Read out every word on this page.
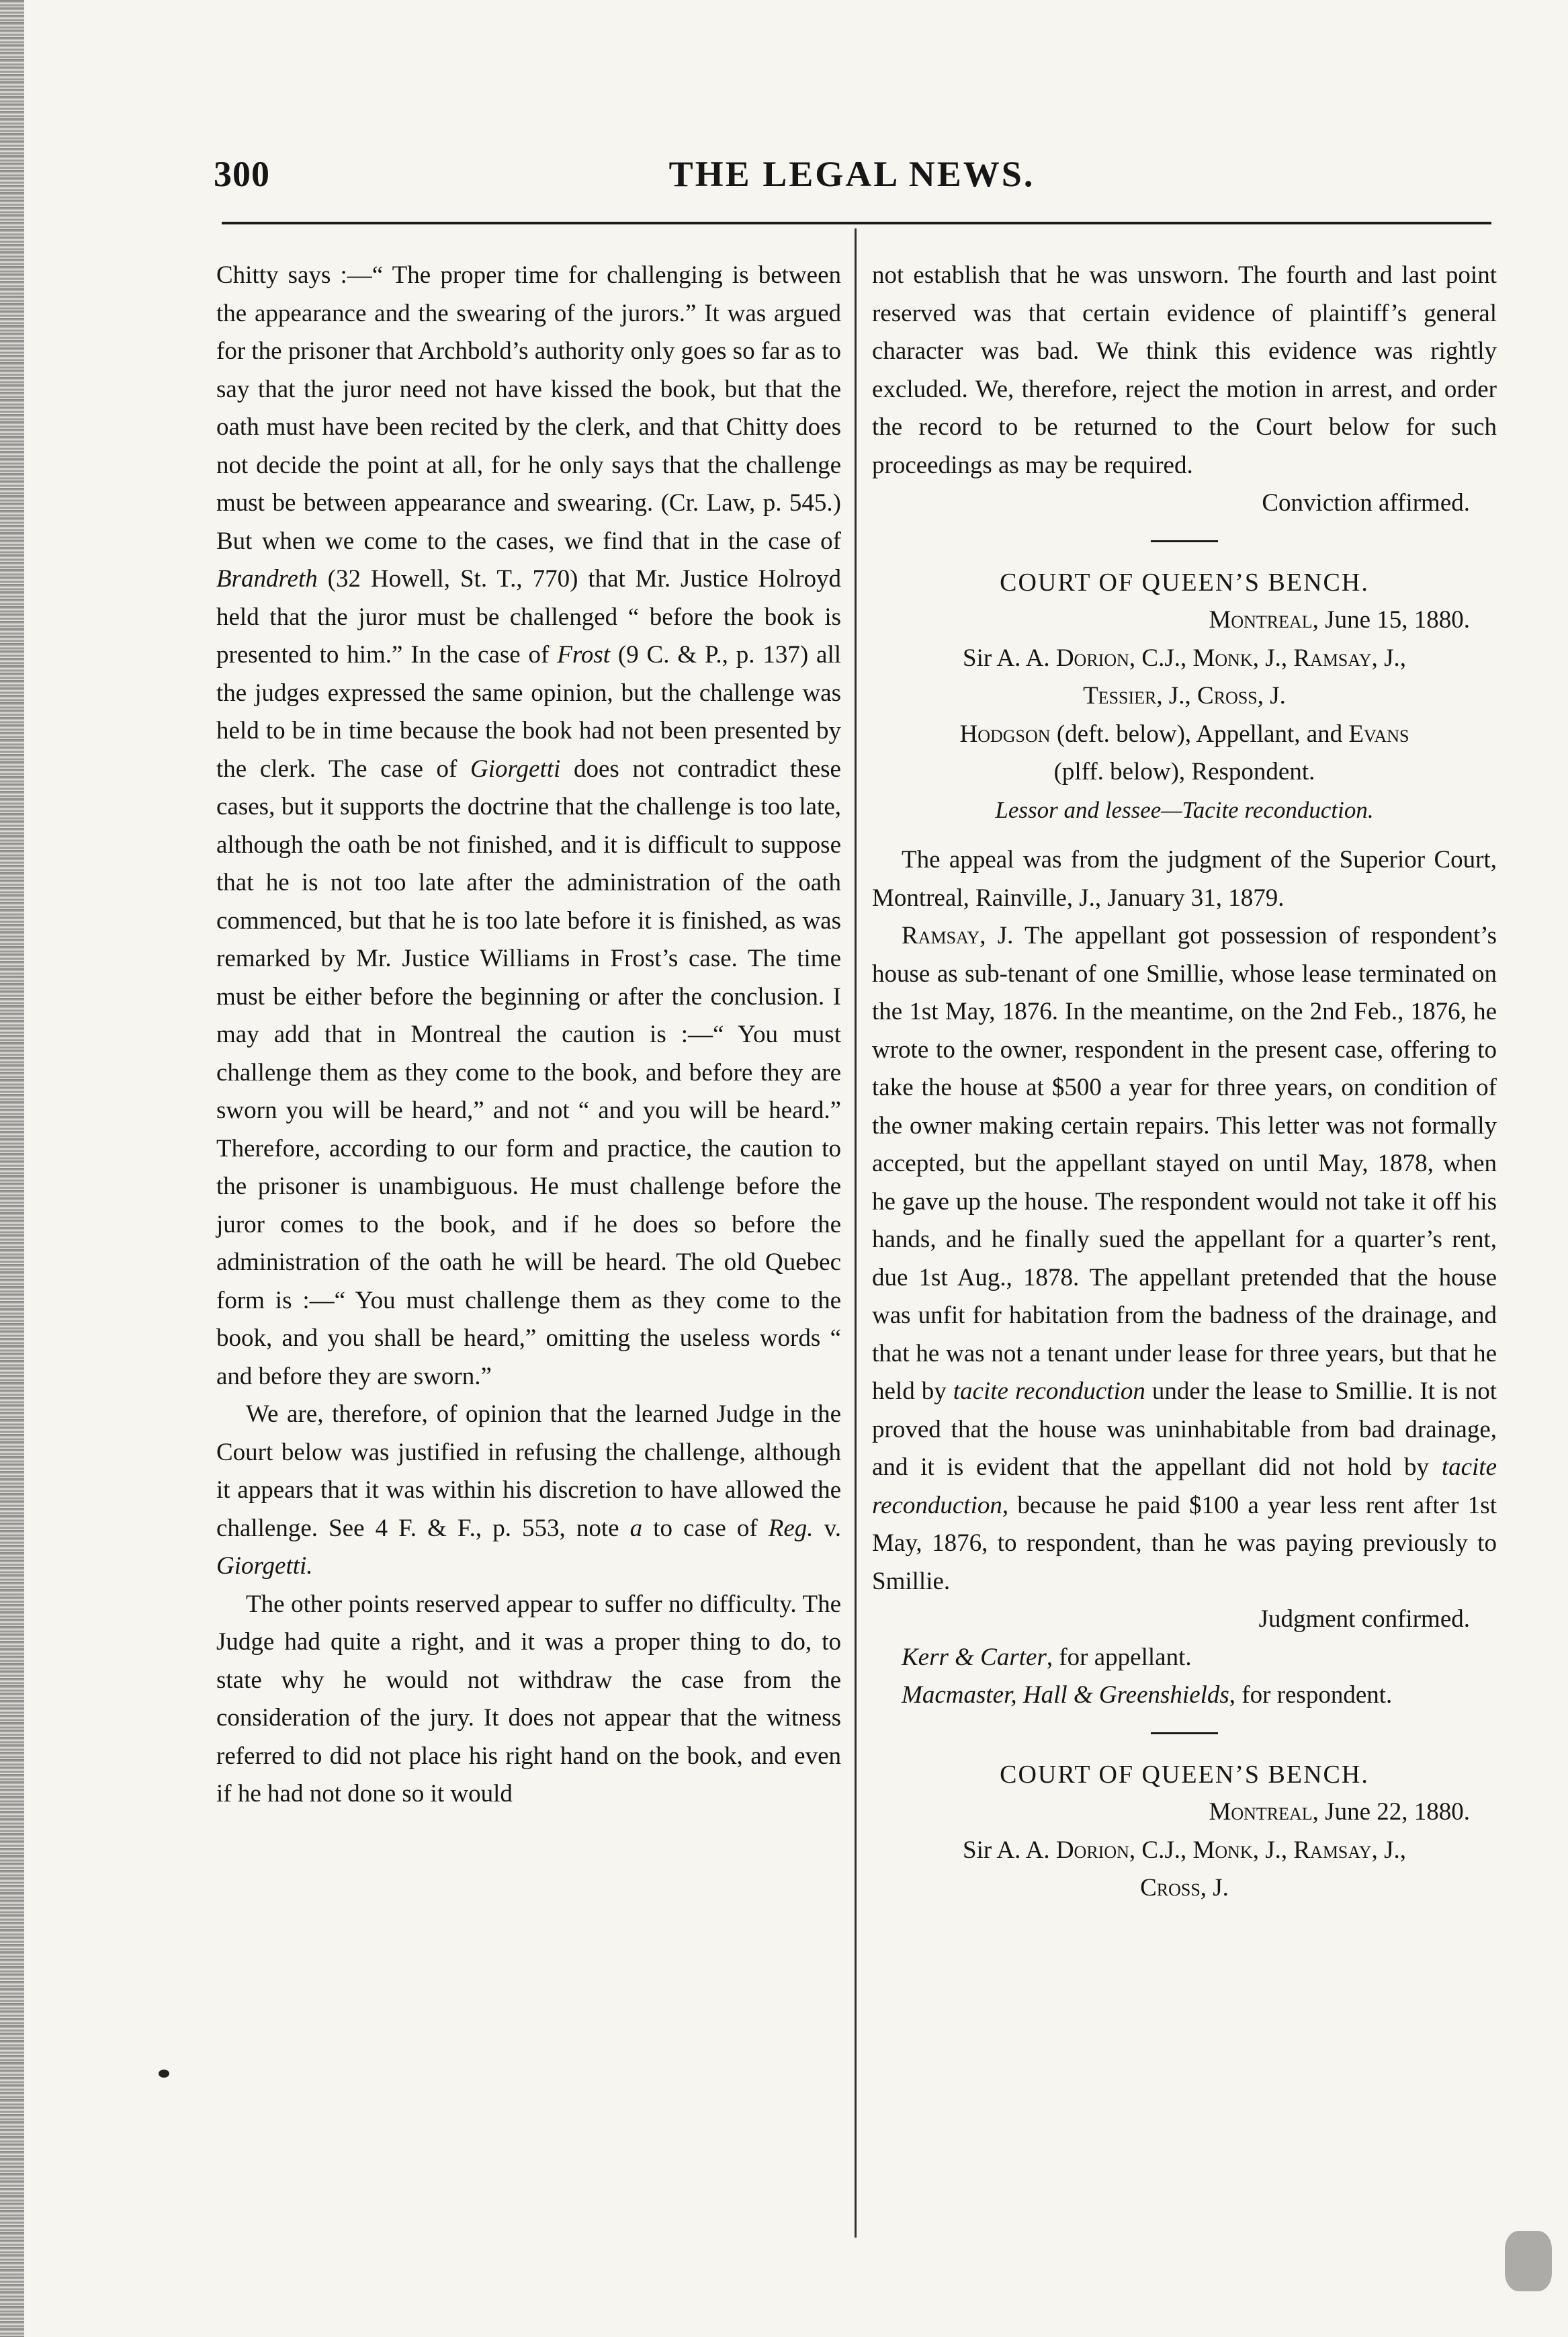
300	THE LEGAL NEWS.

Chitty says :—“ The proper time for challenging is between the appearance and the swearing of the jurors.” It was argued for the prisoner that Archbold’s authority only goes so far as to say that the juror need not have kissed the book, but that the oath must have been recited by the clerk, and that Chitty does not decide the point at all, for he only says that the challenge must be between appearance and swearing. (Cr. Law, p. 545.) But when we come to the cases, we find that in the case of Brandreth (32 Howell, St. T., 770) that Mr. Justice Holroyd held that the juror must be challenged “ before the book is presented to him.” In the case of Frost (9 C. & P., p. 137) all the judges expressed the same opinion, but the challenge was held to be in time because the book had not been presented by the clerk. The case of Giorgetti does not contradict these cases, but it supports the doctrine that the challenge is too late, although the oath be not finished, and it is difficult to suppose that he is not too late after the administration of the oath commenced, but that he is too late before it is finished, as was remarked by Mr. Justice Williams in Frost’s case. The time must be either before the beginning or after the conclusion. I may add that in Montreal the caution is :—“ You must challenge them as they come to the book, and before they are sworn you will be heard,” and not “ and you will be heard.” Therefore, according to our form and practice, the caution to the prisoner is unambiguous. He must challenge before the juror comes to the book, and if he does so before the administration of the oath he will be heard. The old Quebec form is :—“ You must challenge them as they come to the book, and you shall be heard,” omitting the useless words “ and before they are sworn.”

We are, therefore, of opinion that the learned Judge in the Court below was justified in refusing the challenge, although it appears that it was within his discretion to have allowed the challenge. See 4 F. & F., p. 553, note a to case of Reg. v. Giorgetti.

The other points reserved appear to suffer no difficulty. The Judge had quite a right, and it was a proper thing to do, to state why he would not withdraw the case from the consideration of the jury. It does not appear that the witness referred to did not place his right hand on the book, and even if he had not done so it would

not establish that he was unsworn. The fourth and last point reserved was that certain evidence of plaintiff’s general character was bad. We think this evidence was rightly excluded. We, therefore, reject the motion in arrest, and order the record to be returned to the Court below for such proceedings as may be required.

Conviction affirmed.

COURT OF QUEEN’S BENCH.

Montreal, June 15, 1880.

Sir A. A. Dorion, C.J., Monk, J., Ramsay, J.,
Tessier, J., Cross, J.

Hodgson (deft. below), Appellant, and Evans
(plff. below), Respondent.

Lessor and lessee—Tacite reconduction.

The appeal was from the judgment of the Superior Court, Montreal, Rainville, J., January 31, 1879.

Ramsay, J. The appellant got possession of respondent’s house as sub-tenant of one Smillie, whose lease terminated on the 1st May, 1876. In the meantime, on the 2nd Feb., 1876, he wrote to the owner, respondent in the present case, offering to take the house at $500 a year for three years, on condition of the owner making certain repairs. This letter was not formally accepted, but the appellant stayed on until May, 1878, when he gave up the house. The respondent would not take it off his hands, and he finally sued the appellant for a quarter’s rent, due 1st Aug., 1878. The appellant pretended that the house was unfit for habitation from the badness of the drainage, and that he was not a tenant under lease for three years, but that he held by tacite reconduction under the lease to Smillie. It is not proved that the house was uninhabitable from bad drainage, and it is evident that the appellant did not hold by tacite reconduction, because he paid $100 a year less rent after 1st May, 1876, to respondent, than he was paying previously to Smillie.

Judgment confirmed.

Kerr & Carter, for appellant.

Macmaster, Hall & Greenshields, for respondent.

COURT OF QUEEN’S BENCH.

Montreal, June 22, 1880.

Sir A. A. Dorion, C.J., Monk, J., Ramsay, J.,
Cross, J.
